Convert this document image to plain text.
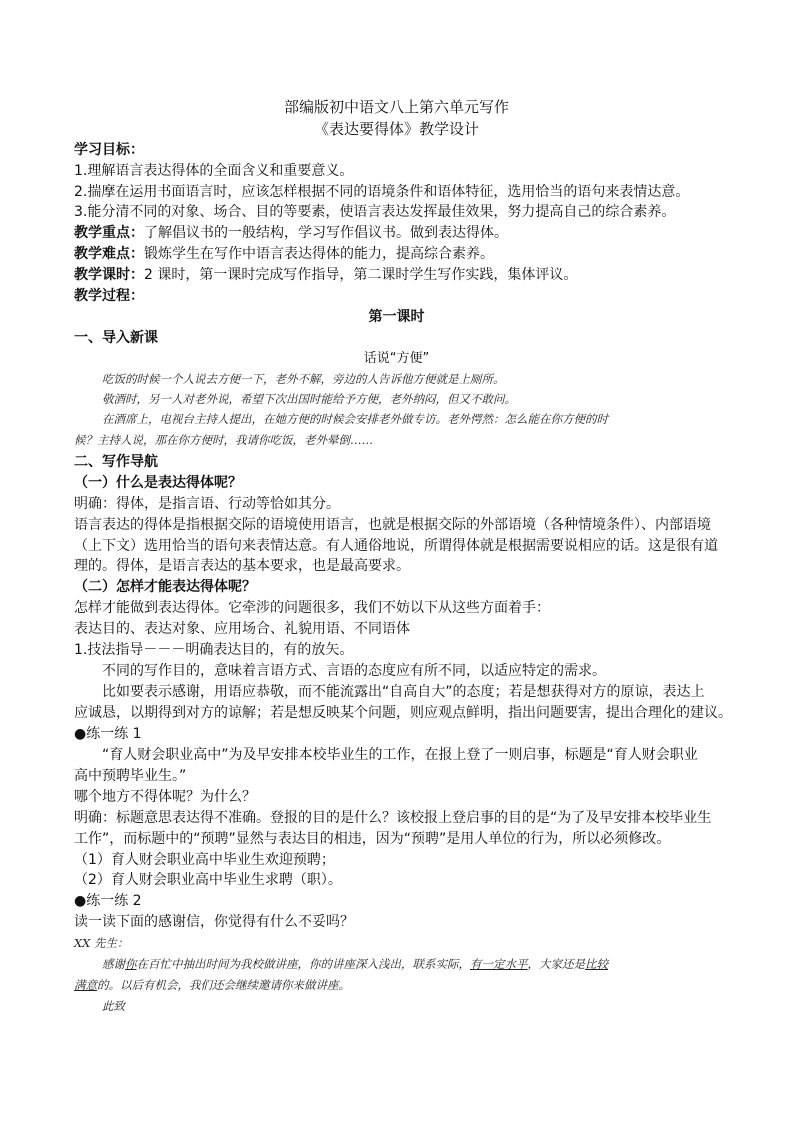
部编版初中语文八上第六单元写作
《表达要得体》教学设计
学习目标：
1.理解语言表达得体的全面含义和重要意义。
2.揣摩在运用书面语言时，应该怎样根据不同的语境条件和语体特征，选用恰当的语句来表情达意。
3.能分清不同的对象、场合、目的等要素，使语言表达发挥最佳效果，努力提高自己的综合素养。
教学重点：了解倡议书的一般结构，学习写作倡议书。做到表达得体。
教学难点：锻炼学生在写作中语言表达得体的能力，提高综合素养。
教学课时：2 课时，第一课时完成写作指导，第二课时学生写作实践，集体评议。
教学过程：
第一课时
一、导入新课
话说“方便”
吃饭的时候一个人说去方便一下，老外不解，旁边的人告诉他方便就是上厕所。
敬酒时，另一人对老外说，希望下次出国时能给予方便，老外纳闷，但又不敢问。
在酒席上，电视台主持人提出，在她方便的时候会安排老外做专访。老外愕然：怎么能在你方便的时
候？主持人说，那在你方便时，我请你吃饭，老外晕倒……
二、写作导航
（一）什么是表达得体呢？
明确：得体，是指言语、行动等恰如其分。
语言表达的得体是指根据交际的语境使用语言，也就是根据交际的外部语境（各种情境条件）、内部语境
（上下文）选用恰当的语句来表情达意。有人通俗地说，所谓得体就是根据需要说相应的话。这是很有道
理的。得体，是语言表达的基本要求，也是最高要求。
（二）怎样才能表达得体呢？
怎样才能做到表达得体。它牵涉的问题很多，我们不妨以下从这些方面着手：
表达目的、表达对象、应用场合、礼貌用语、不同语体
1.技法指导－－－明确表达目的，有的放矢。
不同的写作目的，意味着言语方式、言语的态度应有所不同，以适应特定的需求。
比如要表示感谢，用语应恭敬，而不能流露出“自高自大”的态度；若是想获得对方的原谅，表达上
应诚恳，以期得到对方的谅解；若是想反映某个问题，则应观点鲜明，指出问题要害，提出合理化的建议。
●练一练 1
“育人财会职业高中”为及早安排本校毕业生的工作，在报上登了一则启事，标题是“育人财会职业
高中预聘毕业生。”
哪个地方不得体呢？为什么？
明确：标题意思表达得不准确。登报的目的是什么？该校报上登启事的目的是“为了及早安排本校毕业生
工作”，而标题中的“预聘”显然与表达目的相违，因为“预聘”是用人单位的行为，所以必须修改。
（1）育人财会职业高中毕业生欢迎预聘；
（2）育人财会职业高中毕业生求聘（职）。
●练一练 2
读一读下面的感谢信，你觉得有什么不妥吗？
XX 先生：
感谢你在百忙中抽出时间为我校做讲座，你的讲座深入浅出，联系实际，有一定水平，大家还是比较
满意的。以后有机会，我们还会继续邀请你来做讲座。
此致
